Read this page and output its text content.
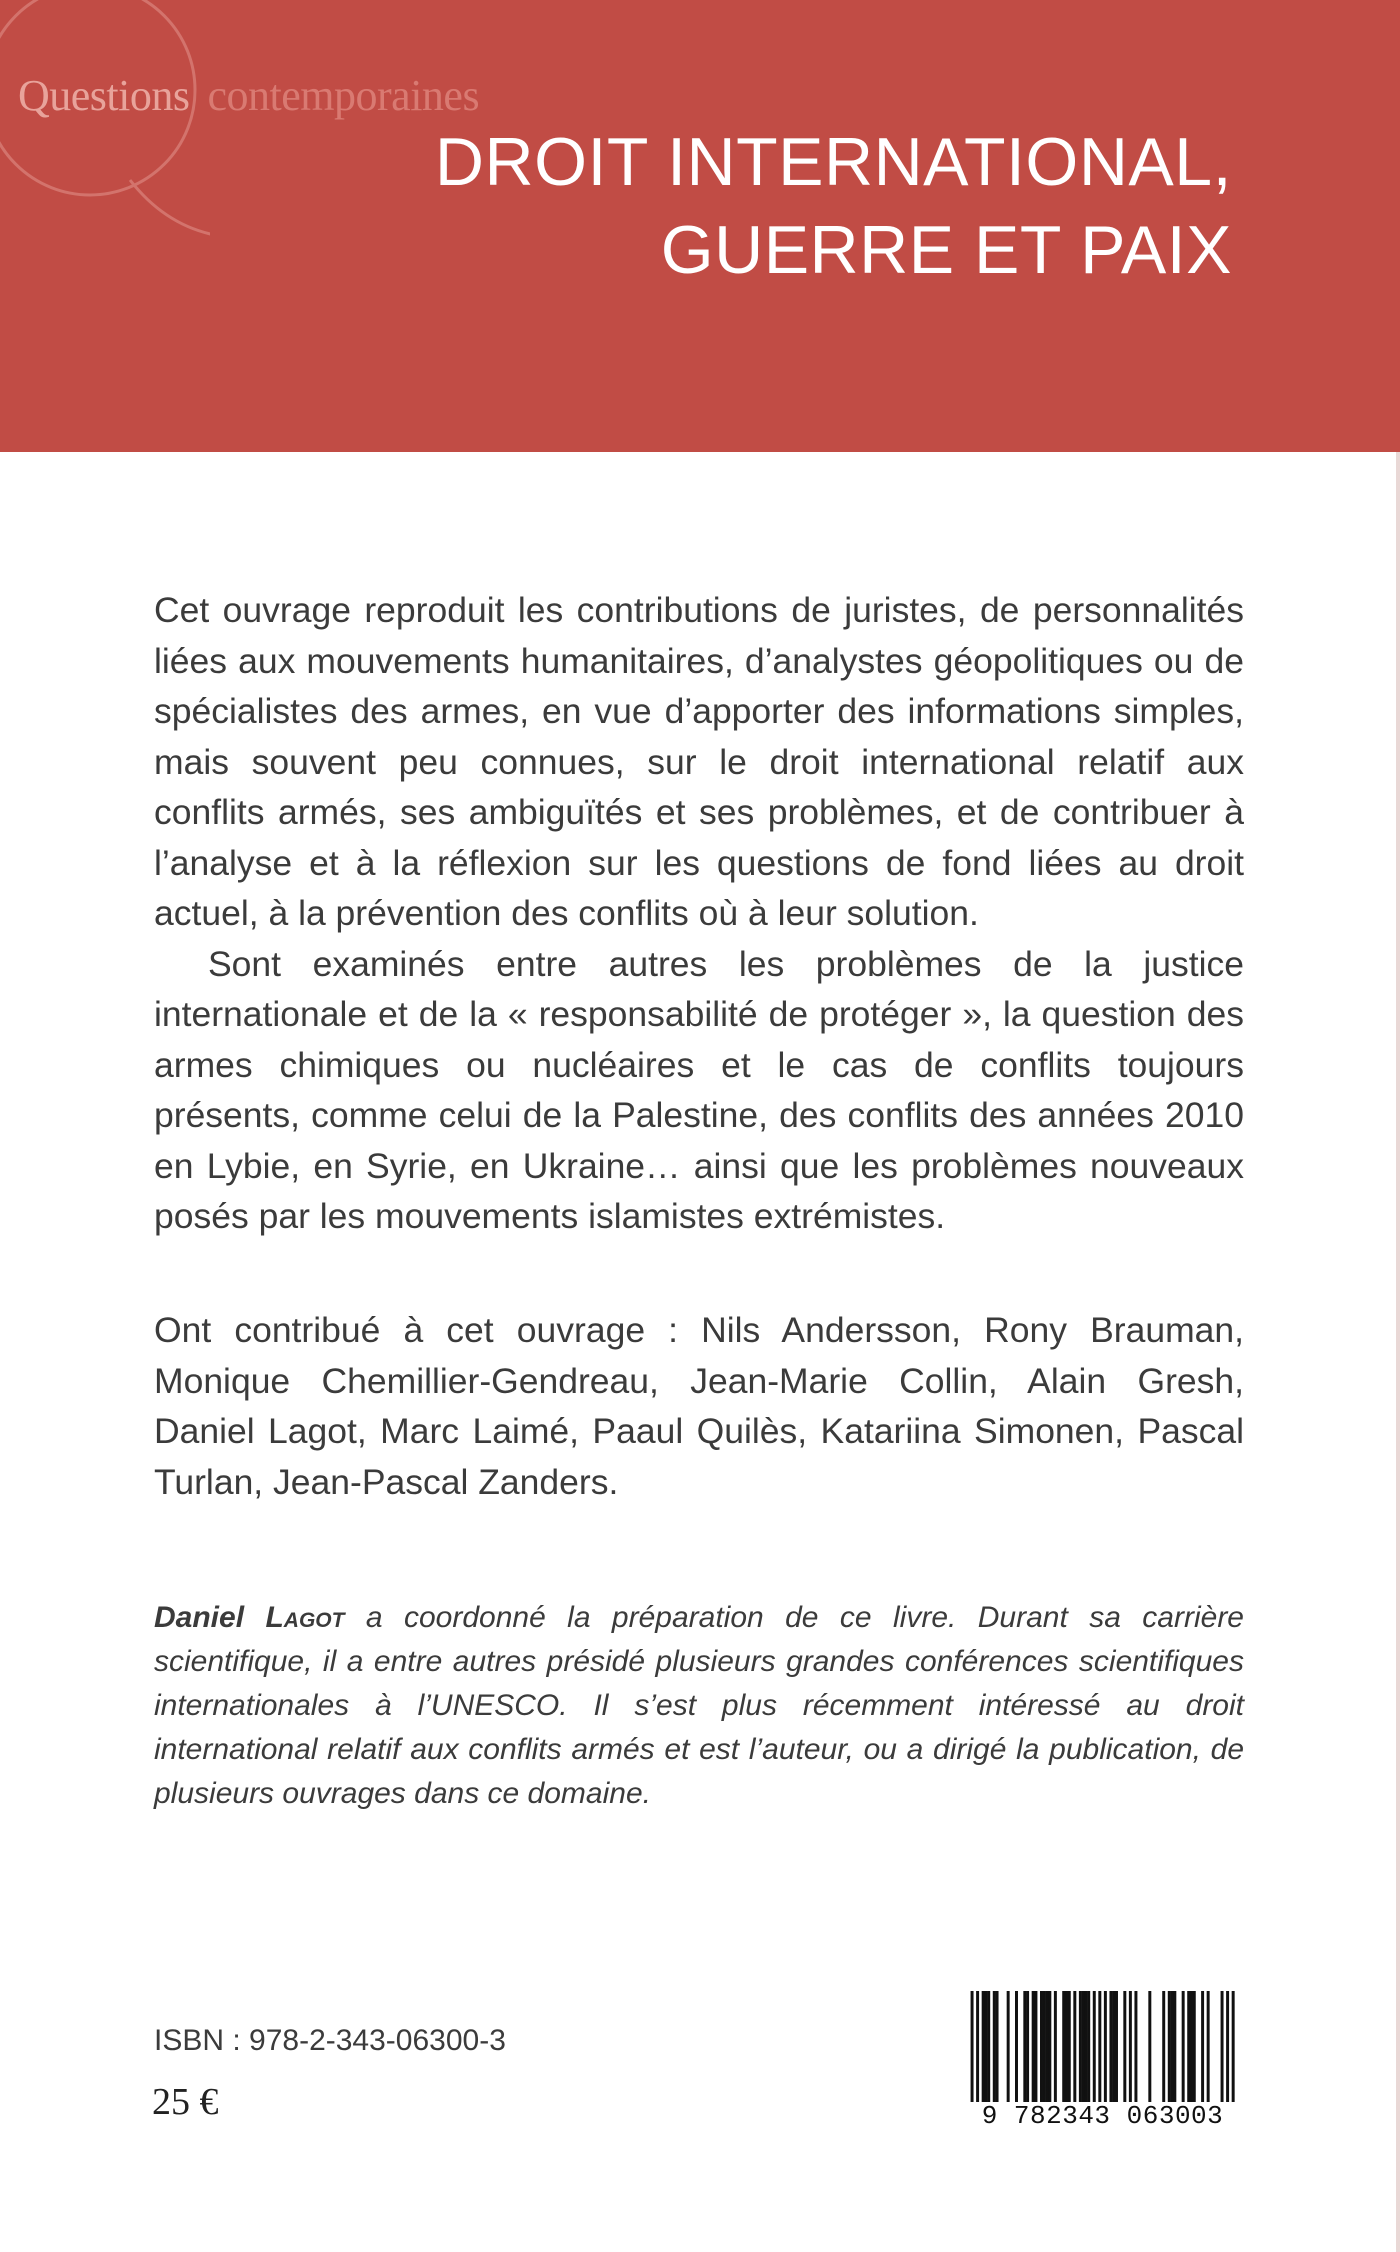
Questions contemporaines
DROIT INTERNATIONAL,
GUERRE ET PAIX

Cet ouvrage reproduit les contributions de juristes, de personnalités liées aux mouvements humanitaires, d’analystes géopolitiques ou de spécialistes des armes, en vue d’apporter des informations simples, mais souvent peu connues, sur le droit international relatif aux conflits armés, ses ambiguïtés et ses problèmes, et de contribuer à l’analyse et à la réflexion sur les questions de fond liées au droit actuel, à la prévention des conflits où à leur solution.

Sont examinés entre autres les problèmes de la justice internationale et de la « responsabilité de protéger », la question des armes chimiques ou nucléaires et le cas de conflits toujours présents, comme celui de la Palestine, des conflits des années 2010 en Lybie, en Syrie, en Ukraine… ainsi que les problèmes nouveaux posés par les mouvements islamistes extrémistes.

Ont contribué à cet ouvrage : Nils Andersson, Rony Brauman, Monique Chemillier-Gendreau, Jean-Marie Collin, Alain Gresh, Daniel Lagot, Marc Laimé, Paaul Quilès, Katariina Simonen, Pascal Turlan, Jean-Pascal Zanders.

Daniel Lagot a coordonné la préparation de ce livre. Durant sa carrière scientifique, il a entre autres présidé plusieurs grandes conférences scientifiques internationales à l’UNESCO. Il s’est plus récemment intéressé au droit international relatif aux conflits armés et est l’auteur, ou a dirigé la publication, de plusieurs ouvrages dans ce domaine.
ISBN : 978-2-343-06300-3
25 €	9 782343 063003
